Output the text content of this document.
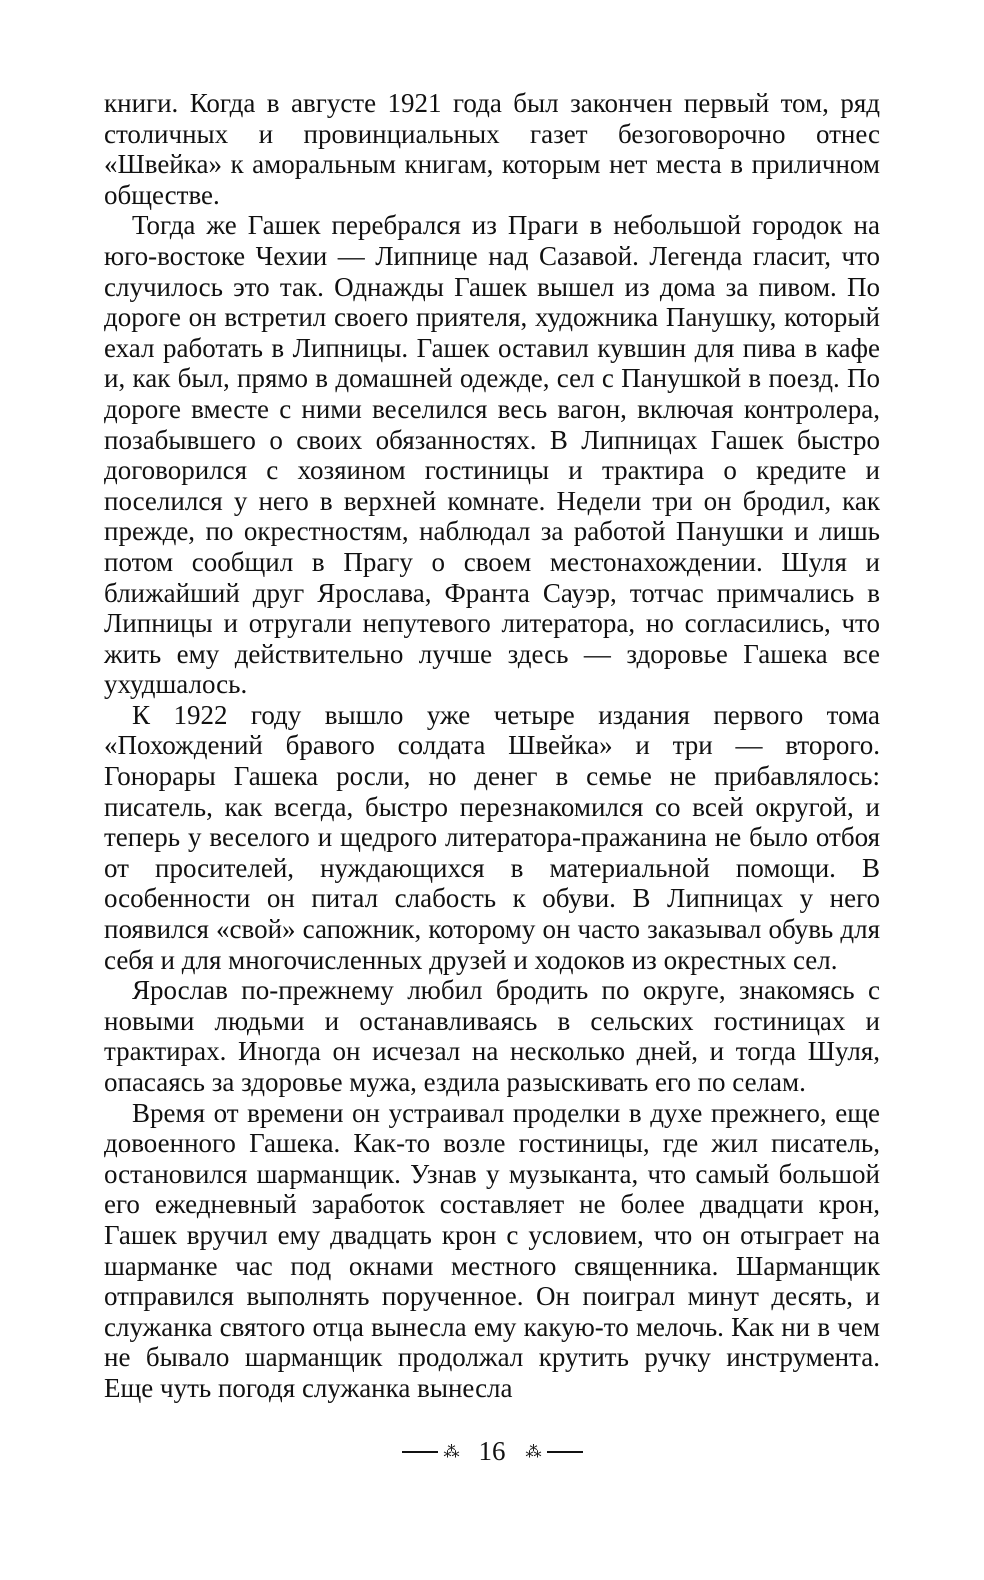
книги. Когда в августе 1921 года был закончен первый том, ряд столичных и провинциальных газет безоговорочно отнес «Швейка» к аморальным книгам, которым нет места в приличном обществе.

Тогда же Гашек перебрался из Праги в небольшой городок на юго-востоке Чехии — Липнице над Сазавой. Легенда гласит, что случилось это так. Однажды Гашек вышел из дома за пивом. По дороге он встретил своего приятеля, художника Панушку, который ехал работать в Липницы. Гашек оставил кувшин для пива в кафе и, как был, прямо в домашней одежде, сел с Панушкой в поезд. По дороге вместе с ними веселился весь вагон, включая контролера, позабывшего о своих обязанностях. В Липницах Гашек быстро договорился с хозяином гостиницы и трактира о кредите и поселился у него в верхней комнате. Недели три он бродил, как прежде, по окрестностям, наблюдал за работой Панушки и лишь потом сообщил в Прагу о своем местонахождении. Шуля и ближайший друг Ярослава, Франта Сауэр, тотчас примчались в Липницы и отругали непутевого литератора, но согласились, что жить ему действительно лучше здесь — здоровье Гашека все ухудшалось.

К 1922 году вышло уже четыре издания первого тома «Похождений бравого солдата Швейка» и три — второго. Гонорары Гашека росли, но денег в семье не прибавлялось: писатель, как всегда, быстро перезнакомился со всей округой, и теперь у веселого и щедрого литератора-пражанина не было отбоя от просителей, нуждающихся в материальной помощи. В особенности он питал слабость к обуви. В Липницах у него появился «свой» сапожник, которому он часто заказывал обувь для себя и для многочисленных друзей и ходоков из окрестных сел.

Ярослав по-прежнему любил бродить по округе, знакомясь с новыми людьми и останавливаясь в сельских гостиницах и трактирах. Иногда он исчезал на несколько дней, и тогда Шуля, опасаясь за здоровье мужа, ездила разыскивать его по селам.

Время от времени он устраивал проделки в духе прежнего, еще довоенного Гашека. Как-то возле гостиницы, где жил писатель, остановился шарманщик. Узнав у музыканта, что самый большой его ежедневный заработок составляет не более двадцати крон, Гашек вручил ему двадцать крон с условием, что он отыграет на шарманке час под окнами местного священника. Шарманщик отправился выполнять порученное. Он поиграл минут десять, и служанка святого отца вынесла ему какую-то мелочь. Как ни в чем не бывало шарманщик продолжал крутить ручку инструмента. Еще чуть погодя служанка вынесла

⁂ 16 ⁂
